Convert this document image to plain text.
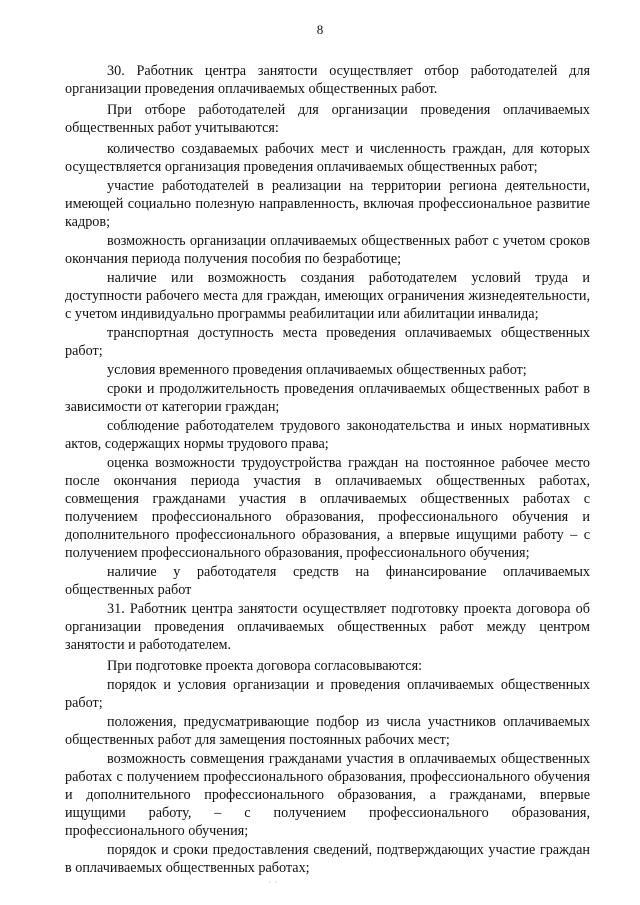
8

30. Работник центра занятости осуществляет отбор работодателей для организации проведения оплачиваемых общественных работ.

При отборе работодателей для организации проведения оплачиваемых общественных работ учитываются:

количество создаваемых рабочих мест и численность граждан, для которых осуществляется организация проведения оплачиваемых общественных работ;

участие работодателей в реализации на территории региона деятельности, имеющей социально полезную направленность, включая профессиональное развитие кадров;

возможность организации оплачиваемых общественных работ с учетом сроков окончания периода получения пособия по безработице;

наличие или возможность создания работодателем условий труда и доступности рабочего места для граждан, имеющих ограничения жизнедеятельности, с учетом индивидуально программы реабилитации или абилитации инвалида;

транспортная доступность места проведения оплачиваемых общественных работ;

условия временного проведения оплачиваемых общественных работ;

сроки и продолжительность проведения оплачиваемых общественных работ в зависимости от категории граждан;

соблюдение работодателем трудового законодательства и иных нормативных актов, содержащих нормы трудового права;

оценка возможности трудоустройства граждан на постоянное рабочее место после окончания периода участия в оплачиваемых общественных работах, совмещения гражданами участия в оплачиваемых общественных работах с получением профессионального образования, профессионального обучения и дополнительного профессионального образования, а впервые ищущими работу – с получением профессионального образования, профессионального обучения;

наличие у работодателя средств на финансирование оплачиваемых общественных работ

31. Работник центра занятости осуществляет подготовку проекта договора об организации проведения оплачиваемых общественных работ между центром занятости и работодателем.

При подготовке проекта договора согласовываются:

порядок и условия организации и проведения оплачиваемых общественных работ;

положения, предусматривающие подбор из числа участников оплачиваемых общественных работ для замещения постоянных рабочих мест;

возможность совмещения гражданами участия в оплачиваемых общественных работах с получением профессионального образования, профессионального обучения и дополнительного профессионального образования, а гражданами, впервые ищущими работу, – с получением профессионального образования, профессионального обучения;

порядок и сроки предоставления сведений, подтверждающих участие граждан в оплачиваемых общественных работах;

· ·
